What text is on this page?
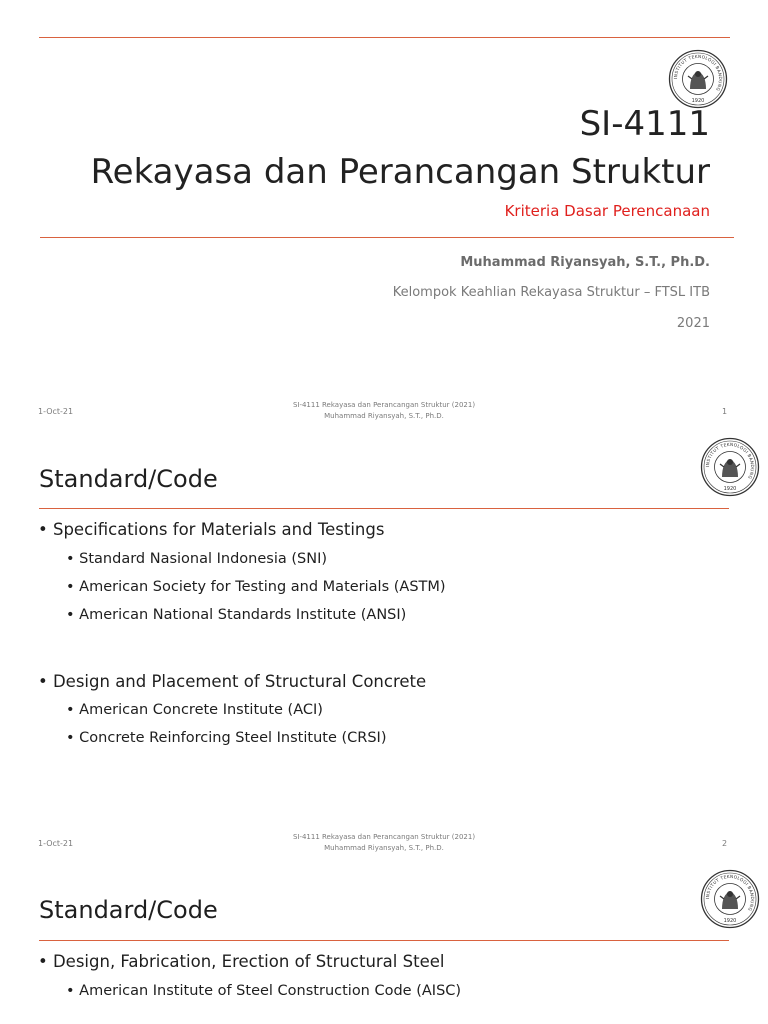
INSTITUT TEKNOLOGI BANDUNG
1920
SI-4111
Rekayasa dan Perancangan Struktur
Kriteria Dasar Perencanaan
Muhammad Riyansyah, S.T., Ph.D.
Kelompok Keahlian Rekayasa Struktur – FTSL ITB
2021
1-Oct-21
SI-4111 Rekayasa dan Perancangan Struktur (2021)
Muhammad Riyansyah, S.T., Ph.D.	1
INSTITUT TEKNOLOGI BANDUNG
1920
Standard/Code
• Specifications for Materials and Testings
• Standard Nasional Indonesia (SNI)
• American Society for Testing and Materials (ASTM)
• American National Standards Institute (ANSI)
• Design and Placement of Structural Concrete
• American Concrete Institute (ACI)
• Concrete Reinforcing Steel Institute (CRSI)
1-Oct-21
SI-4111 Rekayasa dan Perancangan Struktur (2021)
Muhammad Riyansyah, S.T., Ph.D.	2
INSTITUT TEKNOLOGI BANDUNG
1920
Standard/Code
• Design, Fabrication, Erection of Structural Steel
• American Institute of Steel Construction Code (AISC)
